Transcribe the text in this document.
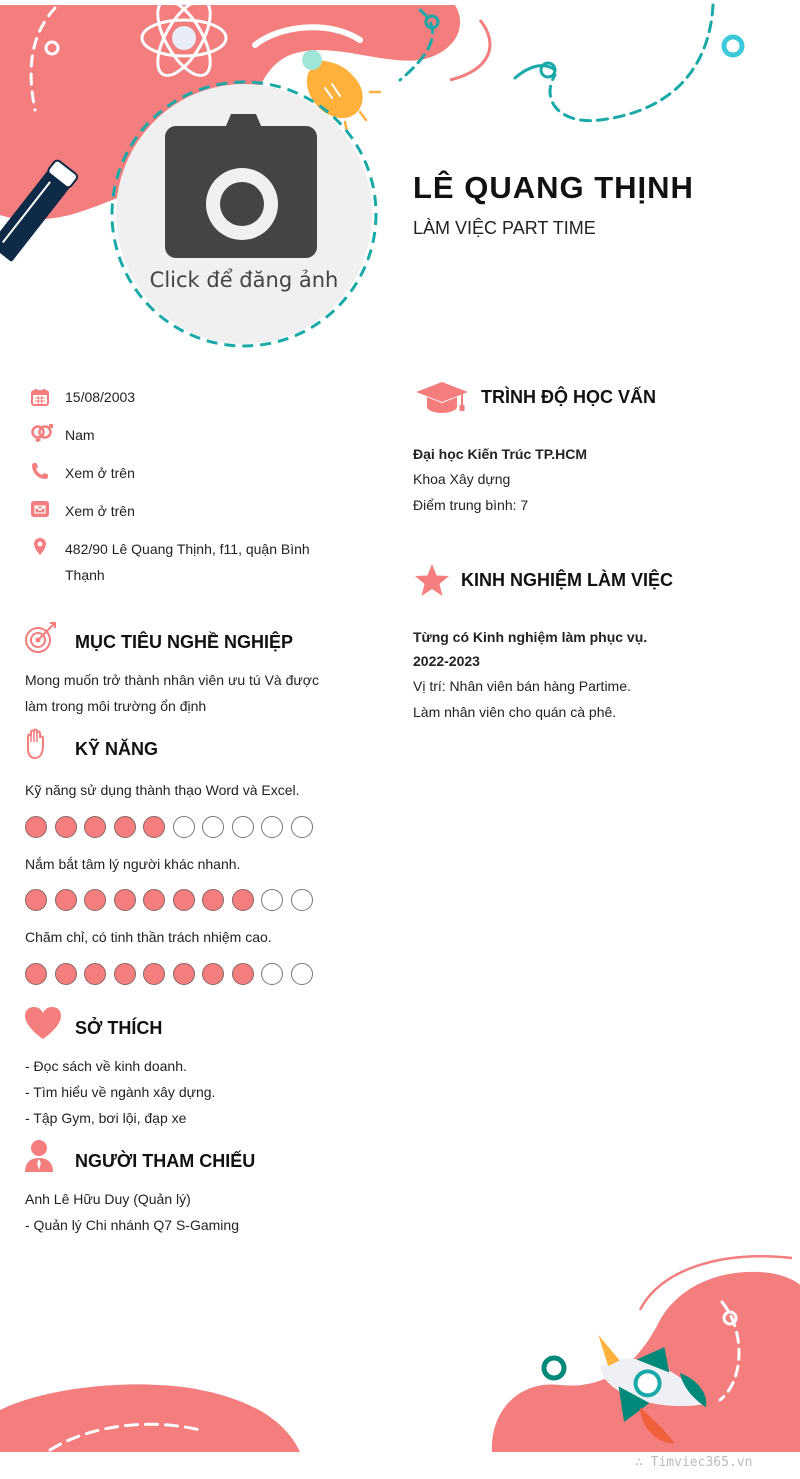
Click để đăng ảnh
LÊ QUANG THỊNH
LÀM VIỆC PART TIME
15/08/2003
Nam
Xem ở trên
Xem ở trên
482/90 Lê Quang Thịnh, f11, quận Bình
Thạnh
MỤC TIÊU NGHỀ NGHIỆP
Mong muốn trở thành nhân viên ưu tú Và được
làm trong môi trường ổn định
KỸ NĂNG
Kỹ năng sử dụng thành thạo Word và Excel.
Nắm bắt tâm lý người khác nhanh.
Chăm chỉ, có tinh thần trách nhiệm cao.
SỞ THÍCH
- Đọc sách về kinh doanh.
- Tìm hiểu về ngành xây dựng.
- Tập Gym, bơi lội, đạp xe
NGƯỜI THAM CHIẾU
Anh Lê Hữu Duy (Quản lý)
- Quản lý Chi nhánh Q7 S-Gaming
TRÌNH ĐỘ HỌC VẤN
Đại học Kiến Trúc TP.HCM
Khoa Xây dựng
Điểm trung bình: 7
KINH NGHIỆM LÀM VIỆC
Từng có Kinh nghiệm làm phục vụ.
2022-2023
Vị trí: Nhân viên bán hàng Partime.
Làm nhân viên cho quán cà phê.
∴ Timviec365.vn
